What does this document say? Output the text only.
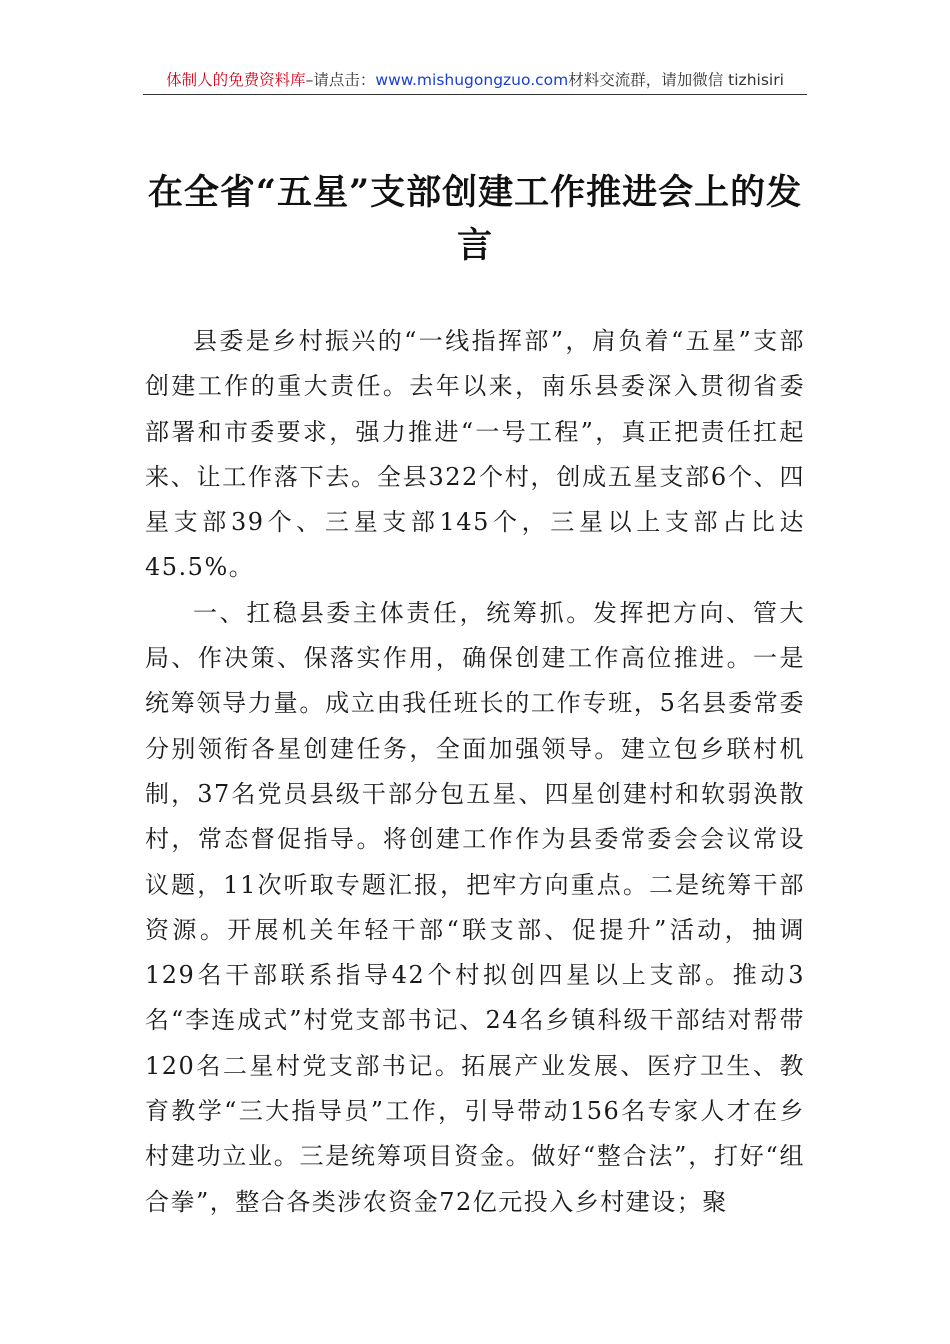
体制人的免费资料库–请点击：www.mishugongzuo.com材料交流群，请加微信 tizhisiri
在全省“五星”支部创建工作推进会上的发言

县委是乡村振兴的“一线指挥部”，肩负着“五星”支部创建工作的重大责任。去年以来，南乐县委深入贯彻省委部署和市委要求，强力推进“一号工程”，真正把责任扛起来、让工作落下去。全县322个村，创成五星支部6个、四星支部39个、三星支部145个，三星以上支部占比达45.5%。

一、扛稳县委主体责任，统筹抓。发挥把方向、管大局、作决策、保落实作用，确保创建工作高位推进。一是统筹领导力量。成立由我任班长的工作专班，5名县委常委分别领衔各星创建任务，全面加强领导。建立包乡联村机制，37名党员县级干部分包五星、四星创建村和软弱涣散村，常态督促指导。将创建工作作为县委常委会会议常设议题，11次听取专题汇报，把牢方向重点。二是统筹干部资源。开展机关年轻干部“联支部、促提升”活动，抽调129名干部联系指导42个村拟创四星以上支部。推动3名“李连成式”村党支部书记、24名乡镇科级干部结对帮带120名二星村党支部书记。拓展产业发展、医疗卫生、教育教学“三大指导员”工作，引导带动156名专家人才在乡村建功立业。三是统筹项目资金。做好“整合法”，打好“组合拳”，整合各类涉农资金72亿元投入乡村建设；聚
